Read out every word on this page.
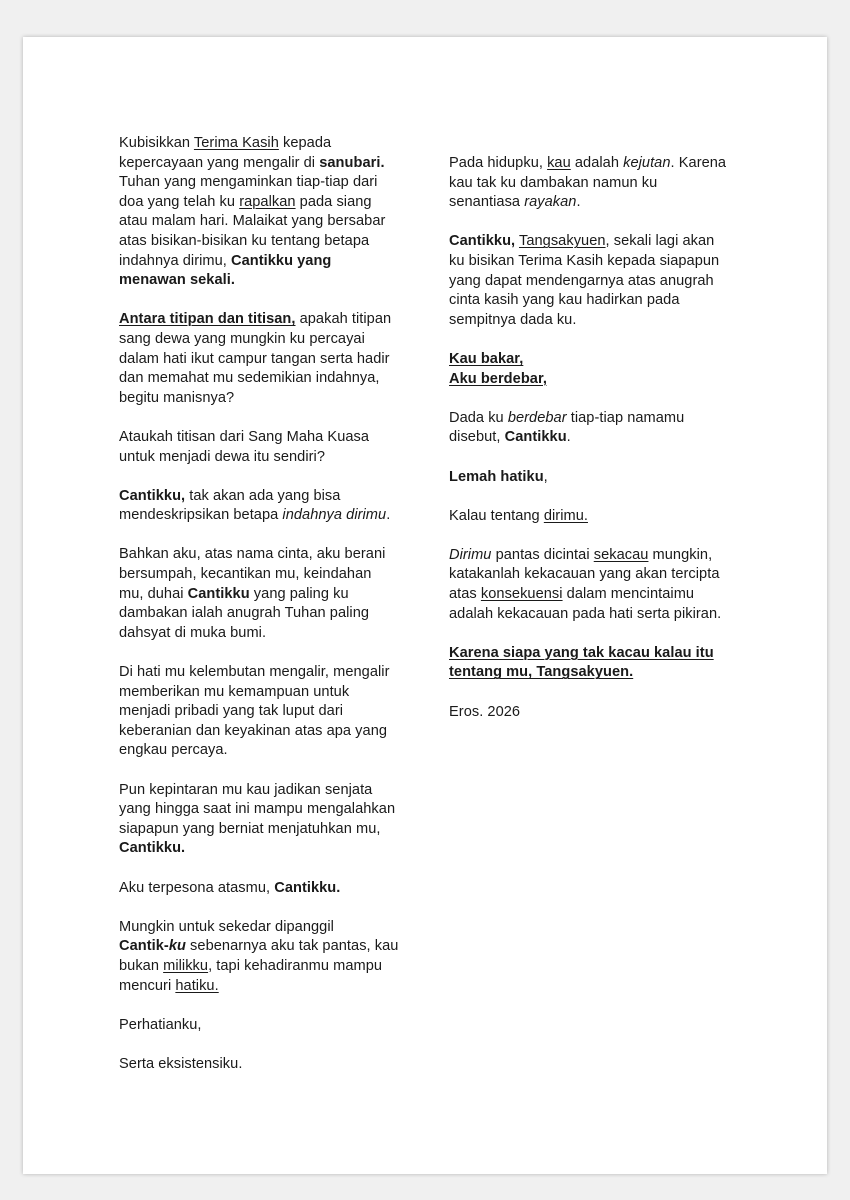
Kubisikkan Terima Kasih kepada
kepercayaan yang mengalir di sanubari.
Tuhan yang mengaminkan tiap-tiap dari
doa yang telah ku rapalkan pada siang
atau malam hari. Malaikat yang bersabar
atas bisikan-bisikan ku tentang betapa
indahnya dirimu, Cantikku yang
menawan sekali.
Antara titipan dan titisan, apakah titipan
sang dewa yang mungkin ku percayai
dalam hati ikut campur tangan serta hadir
dan memahat mu sedemikian indahnya,
begitu manisnya?
Ataukah titisan dari Sang Maha Kuasa
untuk menjadi dewa itu sendiri?
Cantikku, tak akan ada yang bisa
mendeskripsikan betapa indahnya dirimu.
Bahkan aku, atas nama cinta, aku berani
bersumpah, kecantikan mu, keindahan
mu, duhai Cantikku yang paling ku
dambakan ialah anugrah Tuhan paling
dahsyat di muka bumi.
Di hati mu kelembutan mengalir, mengalir
memberikan mu kemampuan untuk
menjadi pribadi yang tak luput dari
keberanian dan keyakinan atas apa yang
engkau percaya.
Pun kepintaran mu kau jadikan senjata
yang hingga saat ini mampu mengalahkan
siapapun yang berniat menjatuhkan mu,
Cantikku.
Aku terpesona atasmu, Cantikku.
Mungkin untuk sekedar dipanggil
Cantik-ku sebenarnya aku tak pantas, kau
bukan milikku, tapi kehadiranmu mampu
mencuri hatiku.
Perhatianku,
Serta eksistensiku.
Pada hidupku, kau adalah kejutan. Karena
kau tak ku dambakan namun ku
senantiasa rayakan.
Cantikku, Tangsakyuen, sekali lagi akan
ku bisikan Terima Kasih kepada siapapun
yang dapat mendengarnya atas anugrah
cinta kasih yang kau hadirkan pada
sempitnya dada ku.
Kau bakar,
Aku berdebar,
Dada ku berdebar tiap-tiap namamu
disebut, Cantikku.
Lemah hatiku,
Kalau tentang dirimu.
Dirimu pantas dicintai sekacau mungkin,
katakanlah kekacauan yang akan tercipta
atas konsekuensi dalam mencintaimu
adalah kekacauan pada hati serta pikiran.
Karena siapa yang tak kacau kalau itu
tentang mu, Tangsakyuen.
Eros. 2026
